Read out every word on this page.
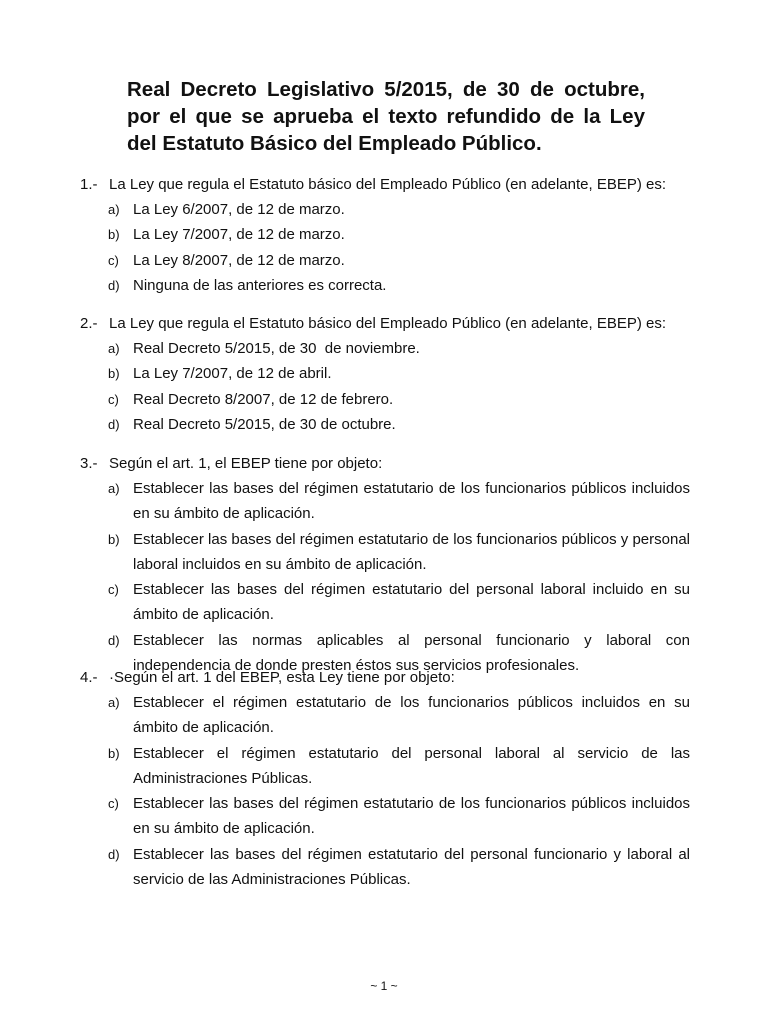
Real Decreto Legislativo 5/2015, de 30 de octubre, por el que se aprueba el texto refundido de la Ley del Estatuto Básico del Empleado Público.
1.- La Ley que regula el Estatuto básico del Empleado Público (en adelante, EBEP) es:
a) La Ley 6/2007, de 12 de marzo.
b) La Ley 7/2007, de 12 de marzo.
c) La Ley 8/2007, de 12 de marzo.
d) Ninguna de las anteriores es correcta.
2.- La Ley que regula el Estatuto básico del Empleado Público (en adelante, EBEP) es:
a) Real Decreto 5/2015, de 30  de noviembre.
b) La Ley 7/2007, de 12 de abril.
c) Real Decreto 8/2007, de 12 de febrero.
d) Real Decreto 5/2015, de 30 de octubre.
3.- Según el art. 1, el EBEP tiene por objeto:
a) Establecer las bases del régimen estatutario de los funcionarios públicos incluidos en su ámbito de aplicación.
b) Establecer las bases del régimen estatutario de los funcionarios públicos y personal laboral incluidos en su ámbito de aplicación.
c) Establecer las bases del régimen estatutario del personal laboral incluido en su ámbito de aplicación.
d) Establecer las normas aplicables al personal funcionario y laboral con independencia de donde presten éstos sus servicios profesionales.
4.- ·Según el art. 1 del EBEP, esta Ley tiene por objeto:
a) Establecer el régimen estatutario de los funcionarios públicos incluidos en su ámbito de aplicación.
b) Establecer el régimen estatutario del personal laboral al servicio de las Administraciones Públicas.
c) Establecer las bases del régimen estatutario de los funcionarios públicos incluidos en su ámbito de aplicación.
d) Establecer las bases del régimen estatutario del personal funcionario y laboral al servicio de las Administraciones Públicas.
~ 1 ~
